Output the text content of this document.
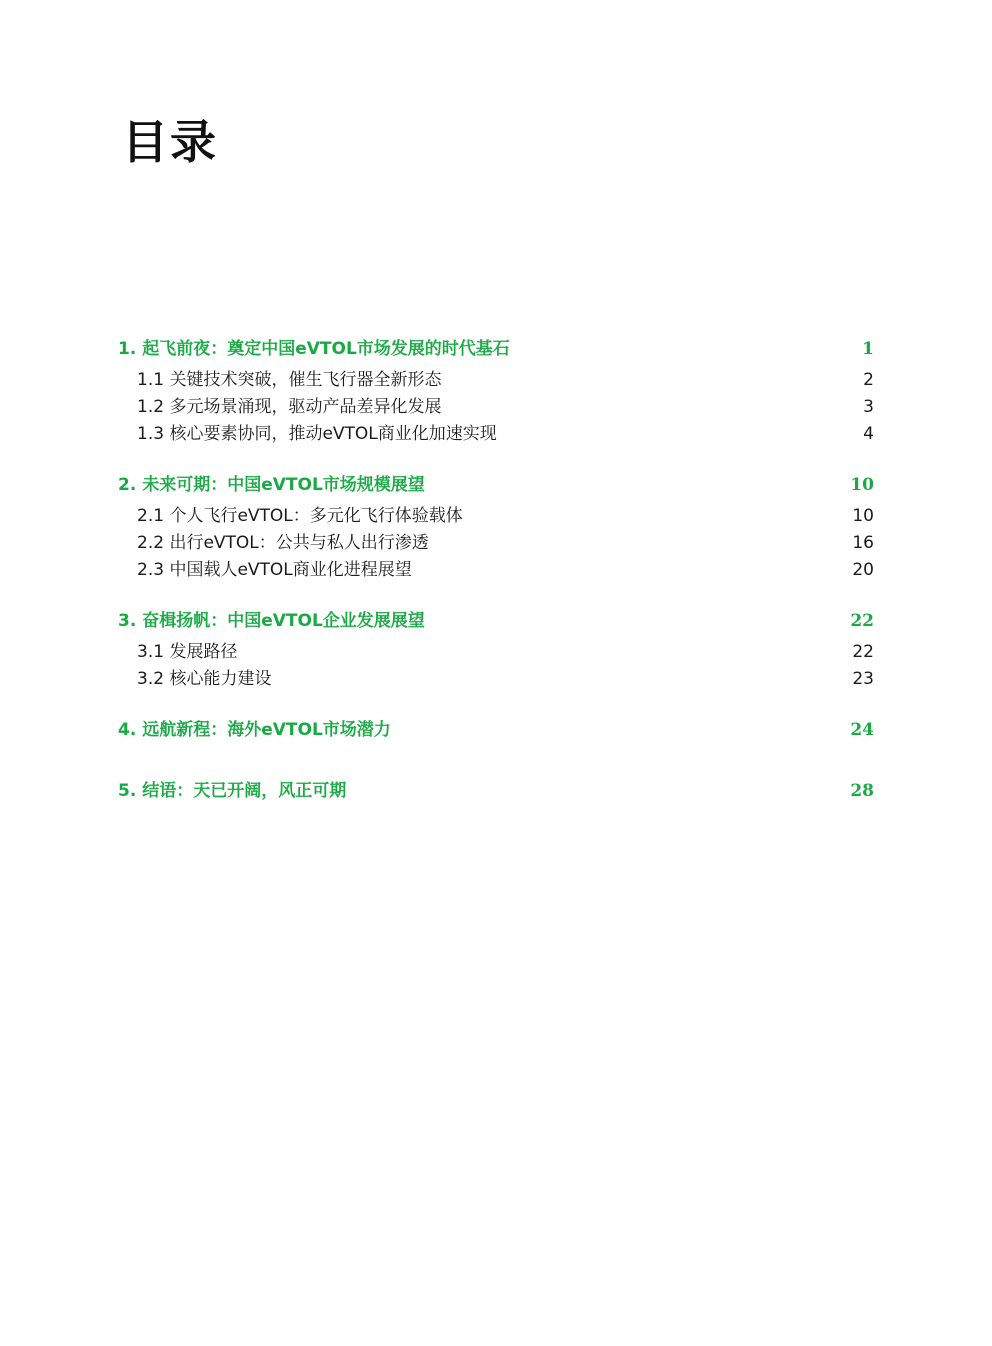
目录
1. 起飞前夜：奠定中国eVTOL市场发展的时代基石	1
1.1 关键技术突破，催生飞行器全新形态	2
1.2 多元场景涌现，驱动产品差异化发展	3
1.3 核心要素协同，推动eVTOL商业化加速实现	4
2. 未来可期：中国eVTOL市场规模展望	10
2.1 个人飞行eVTOL：多元化飞行体验载体	10
2.2 出行eVTOL：公共与私人出行渗透	16
2.3 中国载人eVTOL商业化进程展望	20
3. 奋楫扬帆：中国eVTOL企业发展展望	22
3.1 发展路径	22
3.2 核心能力建设	23
4. 远航新程：海外eVTOL市场潜力	24
5. 结语：天已开阔，风正可期	28
